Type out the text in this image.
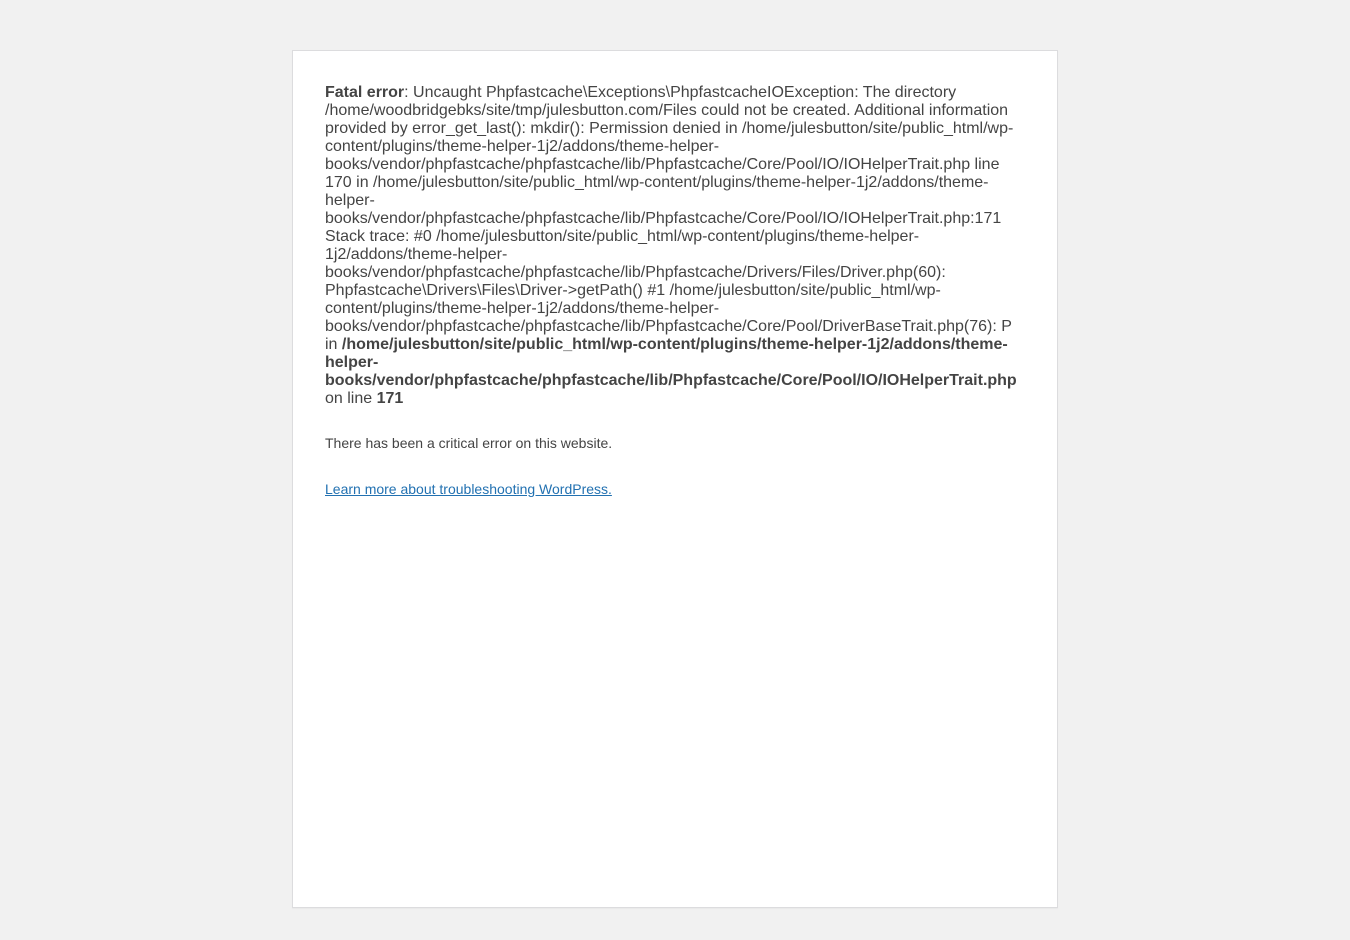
Fatal error: Uncaught Phpfastcache\Exceptions\PhpfastcacheIOException: The directory /home/woodbridgebks/site/tmp/julesbutton.com/Files could not be created. Additional information provided by error_get_last(): mkdir(): Permission denied in /home/julesbutton/site/public_html/wp-content/plugins/theme-helper-1j2/addons/theme-helper-books/vendor/phpfastcache/phpfastcache/lib/Phpfastcache/Core/Pool/IO/IOHelperTrait.php line 170 in /home/julesbutton/site/public_html/wp-content/plugins/theme-helper-1j2/addons/theme-helper-books/vendor/phpfastcache/phpfastcache/lib/Phpfastcache/Core/Pool/IO/IOHelperTrait.php:171 Stack trace: #0 /home/julesbutton/site/public_html/wp-content/plugins/theme-helper-1j2/addons/theme-helper-books/vendor/phpfastcache/phpfastcache/lib/Phpfastcache/Drivers/Files/Driver.php(60): Phpfastcache\Drivers\Files\Driver->getPath() #1 /home/julesbutton/site/public_html/wp-content/plugins/theme-helper-1j2/addons/theme-helper-books/vendor/phpfastcache/phpfastcache/lib/Phpfastcache/Core/Pool/DriverBaseTrait.php(76): P in /home/julesbutton/site/public_html/wp-content/plugins/theme-helper-1j2/addons/theme-helper-books/vendor/phpfastcache/phpfastcache/lib/Phpfastcache/Core/Pool/IO/IOHelperTrait.php on line 171

There has been a critical error on this website.

Learn more about troubleshooting WordPress.
